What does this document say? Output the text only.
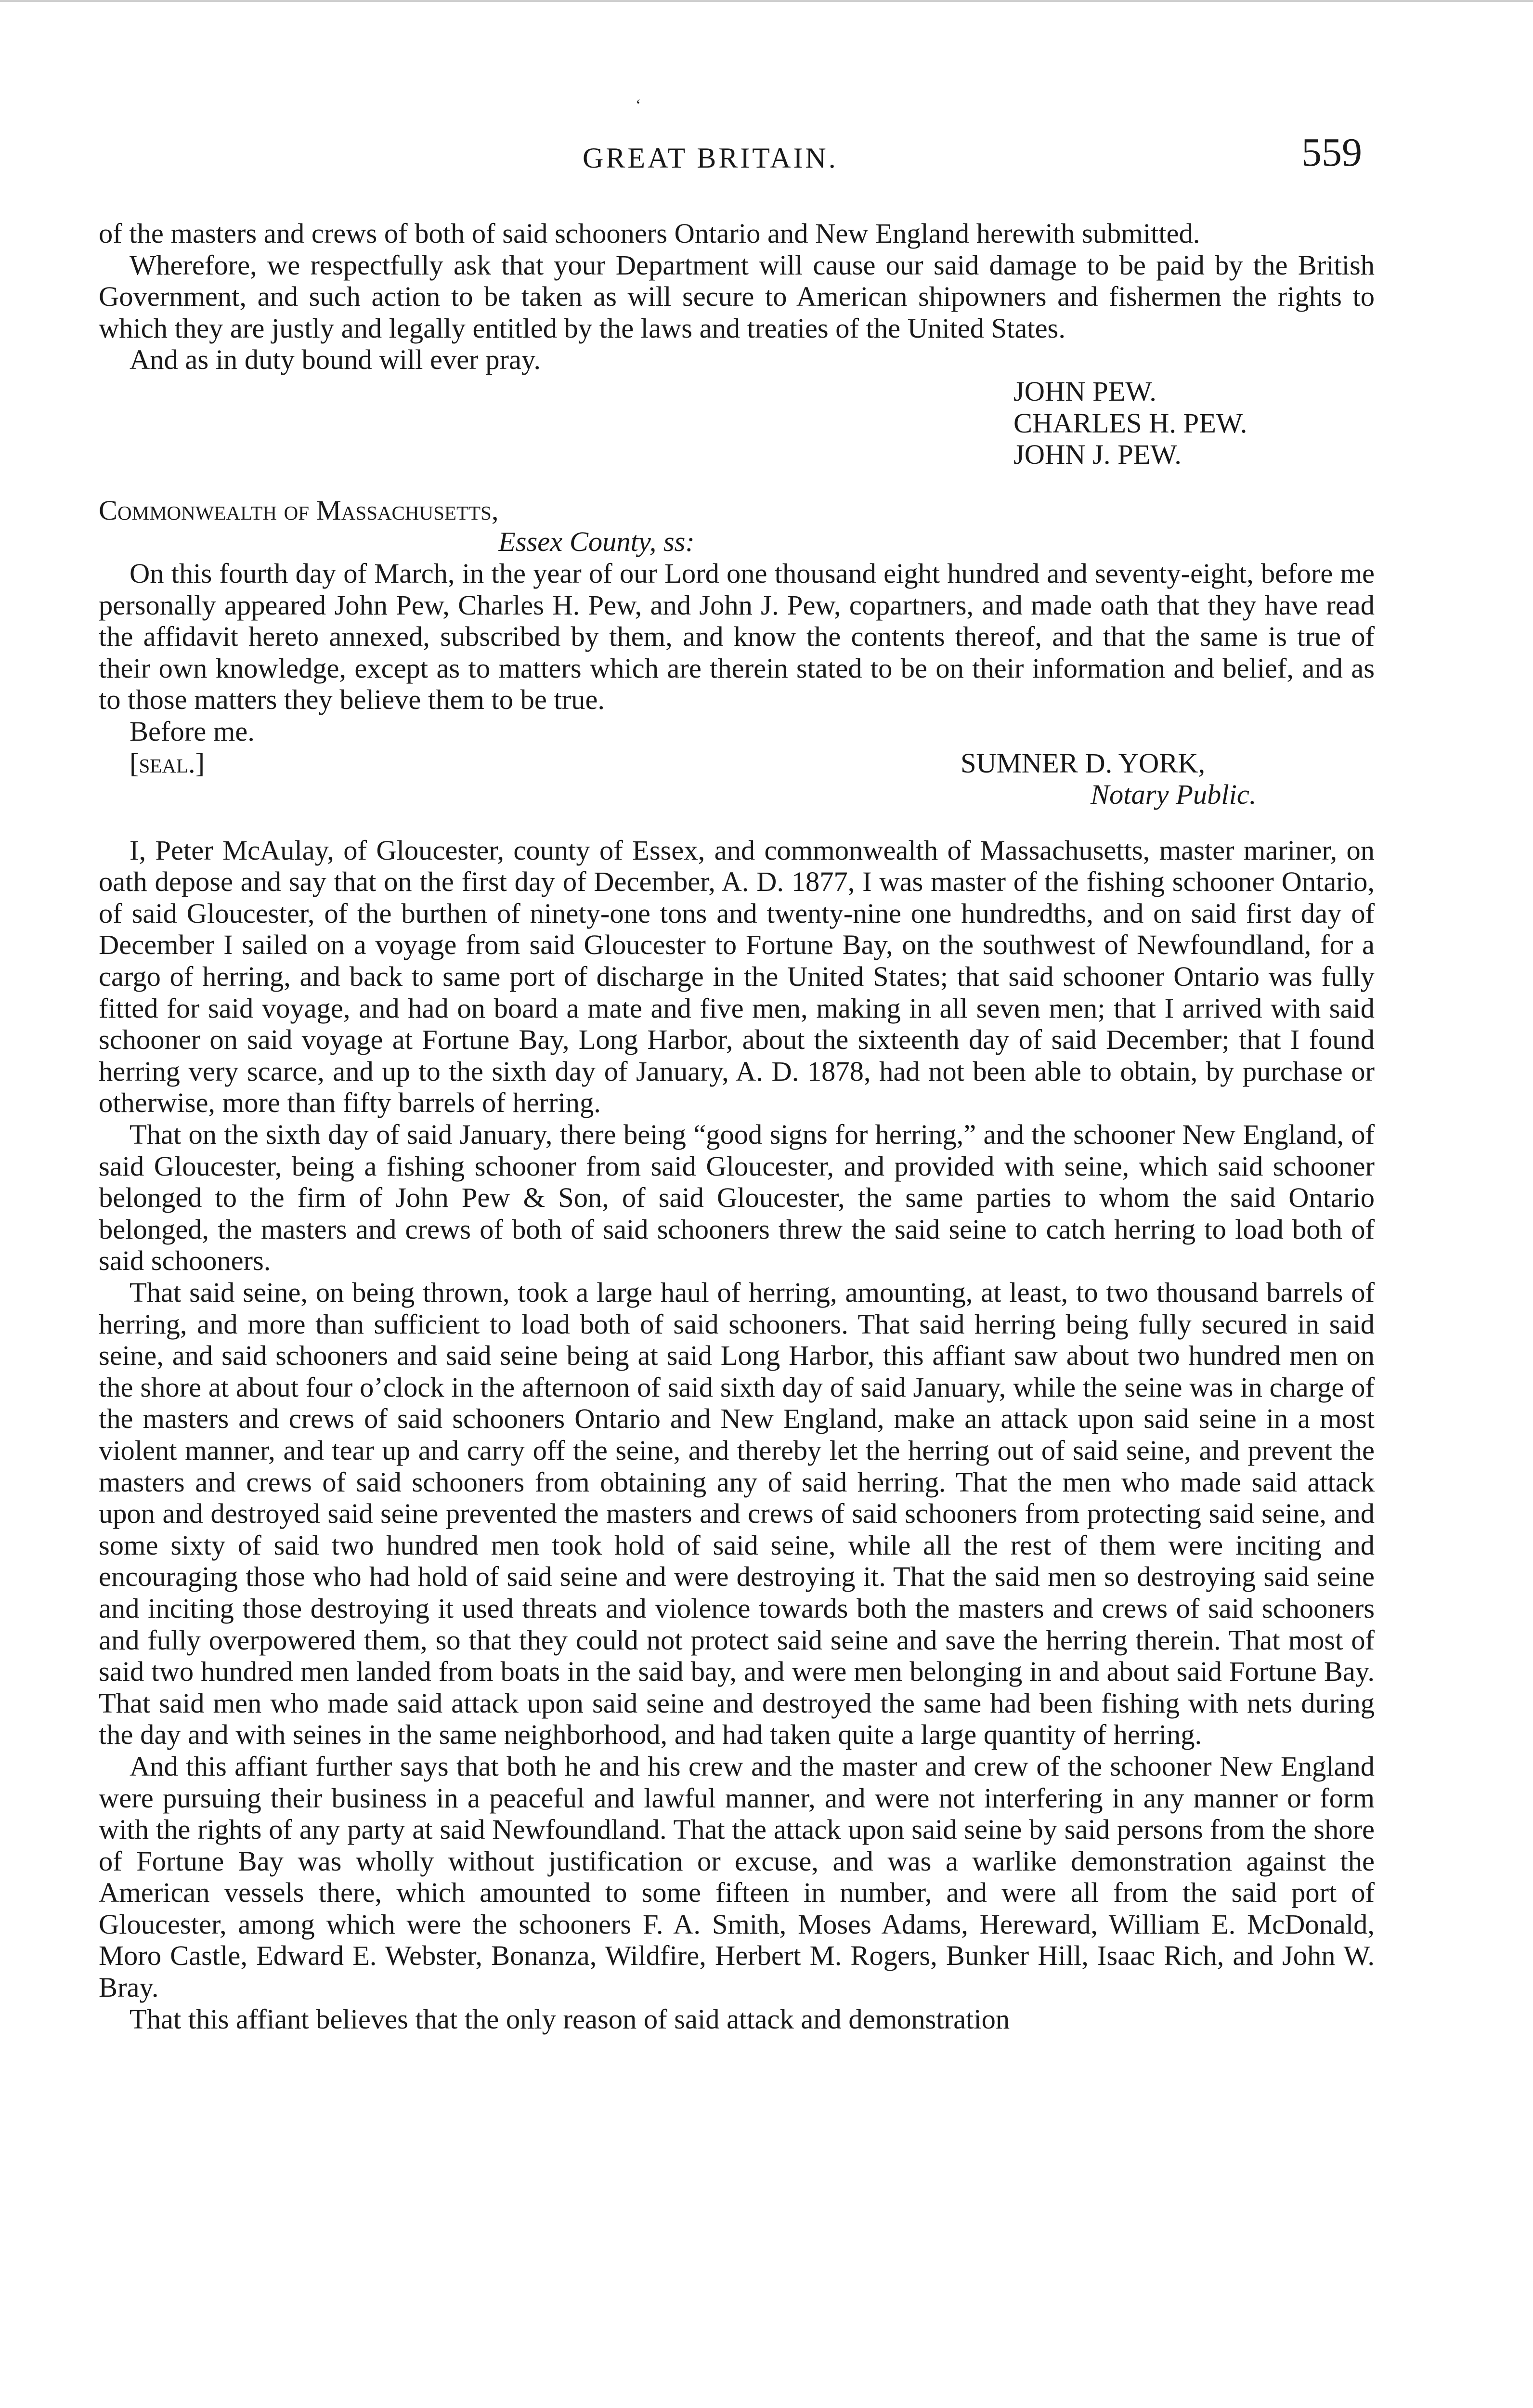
‘
GREAT BRITAIN.	559

of the masters and crews of both of said schooners Ontario and New England herewith submitted.

Wherefore, we respectfully ask that your Department will cause our said damage to be paid by the British Government, and such action to be taken as will secure to American shipowners and fishermen the rights to which they are justly and legally entitled by the laws and treaties of the United States.

And as in duty bound will ever pray.

JOHN PEW.
CHARLES H. PEW.
JOHN J. PEW.
Commonwealth of Massachusetts,
Essex County, ss:

On this fourth day of March, in the year of our Lord one thousand eight hundred and seventy-eight, before me personally appeared John Pew, Charles H. Pew, and John J. Pew, copartners, and made oath that they have read the affidavit hereto annexed, subscribed by them, and know the contents thereof, and that the same is true of their own knowledge, except as to matters which are therein stated to be on their information and belief, and as to those matters they believe them to be true.

Before me.
[seal.]	SUMNER D. YORK,
Notary Public.

I, Peter McAulay, of Gloucester, county of Essex, and commonwealth of Massachusetts, master mariner, on oath depose and say that on the first day of December, A. D. 1877, I was master of the fishing schooner Ontario, of said Gloucester, of the burthen of ninety-one tons and twenty-nine one hundredths, and on said first day of December I sailed on a voyage from said Gloucester to Fortune Bay, on the southwest of Newfoundland, for a cargo of herring, and back to same port of discharge in the United States; that said schooner Ontario was fully fitted for said voyage, and had on board a mate and five men, making in all seven men; that I arrived with said schooner on said voyage at Fortune Bay, Long Harbor, about the sixteenth day of said December; that I found herring very scarce, and up to the sixth day of January, A. D. 1878, had not been able to obtain, by purchase or otherwise, more than fifty barrels of herring.

That on the sixth day of said January, there being “good signs for herring,” and the schooner New England, of said Gloucester, being a fishing schooner from said Gloucester, and provided with seine, which said schooner belonged to the firm of John Pew & Son, of said Gloucester, the same parties to whom the said Ontario belonged, the masters and crews of both of said schooners threw the said seine to catch herring to load both of said schooners.

That said seine, on being thrown, took a large haul of herring, amounting, at least, to two thousand barrels of herring, and more than sufficient to load both of said schooners. That said herring being fully secured in said seine, and said schooners and said seine being at said Long Harbor, this affiant saw about two hundred men on the shore at about four o’clock in the afternoon of said sixth day of said January, while the seine was in charge of the masters and crews of said schooners Ontario and New England, make an attack upon said seine in a most violent manner, and tear up and carry off the seine, and thereby let the herring out of said seine, and prevent the masters and crews of said schooners from obtaining any of said herring. That the men who made said attack upon and destroyed said seine prevented the masters and crews of said schooners from protecting said seine, and some sixty of said two hundred men took hold of said seine, while all the rest of them were inciting and encouraging those who had hold of said seine and were destroying it. That the said men so destroying said seine and inciting those destroying it used threats and violence towards both the masters and crews of said schooners and fully overpowered them, so that they could not protect said seine and save the herring therein. That most of said two hundred men landed from boats in the said bay, and were men belonging in and about said Fortune Bay. That said men who made said attack upon said seine and destroyed the same had been fishing with nets during the day and with seines in the same neighborhood, and had taken quite a large quantity of herring.

And this affiant further says that both he and his crew and the master and crew of the schooner New England were pursuing their business in a peaceful and lawful manner, and were not interfering in any manner or form with the rights of any party at said Newfoundland. That the attack upon said seine by said persons from the shore of Fortune Bay was wholly without justification or excuse, and was a warlike demonstration against the American vessels there, which amounted to some fifteen in number, and were all from the said port of Gloucester, among which were the schooners F. A. Smith, Moses Adams, Hereward, William E. McDonald, Moro Castle, Edward E. Webster, Bonanza, Wildfire, Herbert M. Rogers, Bunker Hill, Isaac Rich, and John W. Bray.

That this affiant believes that the only reason of said attack and demonstration
